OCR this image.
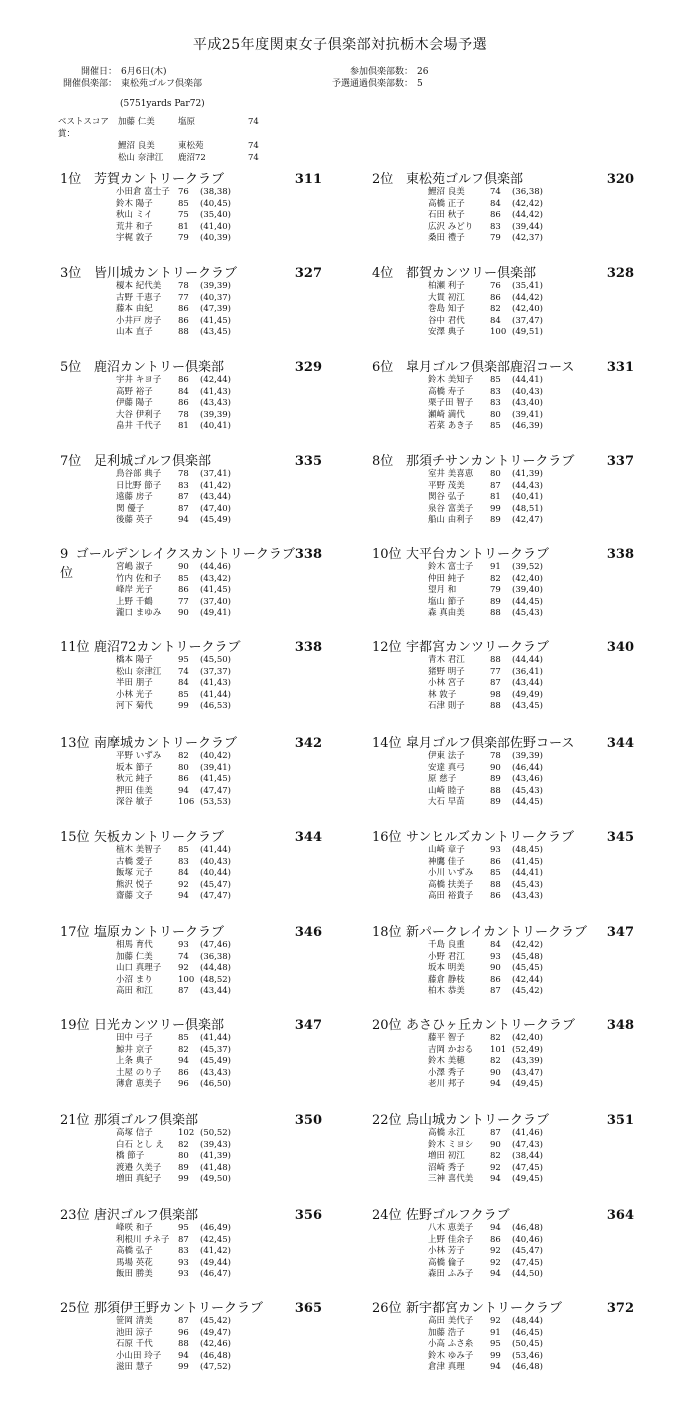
平成25年度関東女子倶楽部対抗栃木会場予選
開催日： 6月6日(木)
開催倶楽部： 東松苑ゴルフ倶楽部
(5751yards Par72)
参加倶楽部数： 26
予選通過倶楽部数： 5
ベストスコア賞：
加藤 仁美	塩原	74
鯉沼 良美	東松苑	74
松山 奈津江	鹿沼72	74
1位 芳賀カントリークラブ	311
小田倉 富士子 76	(38,38)
鈴木 陽子	85	(40,45)
秋山 ミイ	75	(35,40)
荒井 和子	81	(41,40)
宇梶 敦子	79	(40,39)
2位 東松苑ゴルフ倶楽部	320
鯉沼 良美	74	(36,38)
高橋 正子	84	(42,42)
石田 秋子	86	(44,42)
広沢 みどり	83	(39,44)
桑田 禮子	79	(42,37)
3位 皆川城カントリークラブ	327
榎本 紀代美	78	(39,39)
古野 千恵子	77	(40,37)
藤本 由紀	86	(47,39)
小井戸 房子	86	(41,45)
山本 直子	88	(43,45)
4位 都賀カンツリー倶楽部	328
柏瀬 利子	76	(35,41)
大貫 初江	86	(44,42)
巻島 知子	82	(42,40)
谷中 君代	84	(37,47)
安澤 典子	100 (49,51)
5位 鹿沼カントリー倶楽部	329
宇井 キヨ子	86	(42,44)
高野 裕子	84	(41,43)
伊藤 陽子	86	(43,43)
大谷 伊利子	78	(39,39)
畠井 千代子	81	(40,41)
6位 皐月ゴルフ倶楽部鹿沼コース	331
鈴木 美知子	85	(44,41)
高橋 寿子	83	(40,43)
栗子田 智子	83	(43,40)
瀬崎 満代	80	(39,41)
若菜 あき子	85	(46,39)
7位 足利城ゴルフ倶楽部	335
鳥谷部 典子	78	(37,41)
日比野 節子	83	(41,42)
遠藤 房子	87	(43,44)
関 優子	87	(47,40)
後藤 英子	94	(45,49)
8位 那須チサンカントリークラブ	337
室井 美喜恵	80	(41,39)
平野 茂美	87	(44,43)
関谷 弘子	81	(40,41)
泉谷 富美子	99	(48,51)
船山 由利子	89	(42,47)
9位
ゴールデンレイクスカントリークラブ 338
宮嶋 淑子	90	(44,46)
竹内 佐和子	85	(43,42)
峰岸 光子	86	(41,45)
上野 千鶴	77	(37,40)
瀧口 まゆみ	90	(49,41)
10位 大平台カントリークラブ	338
鈴木 富士子	91	(39,52)
仲田 純子	82	(42,40)
望月 和	79	(39,40)
塩山 節子	89	(44,45)
森 真由美	88	(45,43)
11位 鹿沼72カントリークラブ	338
橋本 陽子	95	(45,50)
松山 奈津江	74	(37,37)
半田 朋子	84	(41,43)
小林 光子	85	(41,44)
河下 菊代	99	(46,53)
12位 宇都宮カンツリークラブ	340
青木 君江	88	(44,44)
猪野 明子	77	(36,41)
小林 宮子	87	(43,44)
林 敦子	98	(49,49)
石津 則子	88	(43,45)
13位 南摩城カントリークラブ	342
平野 いずみ	82	(40,42)
坂本 節子	80	(39,41)
秋元 純子	86	(41,45)
押田 佳美	94	(47,47)
深谷 敏子	106 (53,53)
14位 皐月ゴルフ倶楽部佐野コース	344
伊東 法子	78	(39,39)
安達 真弓	90	(46,44)
原 慈子	89	(43,46)
山崎 睦子	88	(45,43)
大石 早苗	89	(44,45)
15位 矢板カントリークラブ	344
植木 美智子	85	(41,44)
古橋 愛子	83	(40,43)
飯塚 元子	84	(40,44)
熊沢 悦子	92	(45,47)
齋藤 文子	94	(47,47)
16位 サンヒルズカントリークラブ	345
山崎 章子	93	(48,45)
神鷹 佳子	86	(41,45)
小川 いずみ	85	(44,41)
高橋 扶美子	88	(45,43)
高田 裕貴子	86	(43,43)
17位 塩原カントリークラブ	346
相馬 育代	93	(47,46)
加藤 仁美	74	(36,38)
山口 真理子	92	(44,48)
小沼 まり	100 (48,52)
高田 和江	87	(43,44)
18位 新パークレイカントリークラブ	347
千島 良重	84	(42,42)
小野 君江	93	(45,48)
坂本 明美	90	(45,45)
藤倉 静枝	86	(42,44)
柏木 恭美	87	(45,42)
19位 日光カンツリー倶楽部	347
田中 弓子	85	(41,44)
鯨井 京子	82	(45,37)
上条 典子	94	(45,49)
土屋 のり子	86	(43,43)
薄倉 恵美子	96	(46,50)
20位 あさひヶ丘カントリークラブ	348
藤平 智子	82	(42,40)
吉岡 かおる	101 (52,49)
鈴木 美穂	82	(43,39)
小澤 秀子	90	(43,47)
老川 邦子	94	(49,45)
21位 那須ゴルフ倶楽部	350
高塚 信子	102 (50,52)
白石 とし え	82	(39,43)
橋 節子	80	(41,39)
渡邉 久美子	89	(41,48)
増田 真紀子	99	(49,50)
22位 烏山城カントリークラブ	351
高橋 永江	87	(41,46)
鈴木 ミヨシ	90	(47,43)
増田 初江	82	(38,44)
沼崎 秀子	92	(47,45)
三神 喜代美	94	(49,45)
23位 唐沢ゴルフ倶楽部	356
峰咲 和子	95	(46,49)
利根川 チネ子	87	(42,45)
高橋 弘子	83	(41,42)
馬場 英花	93	(49,44)
飯田 勝美	93	(46,47)
24位 佐野ゴルフクラブ	364
八木 恵美子	94	(46,48)
上野 佳余子	86	(40,46)
小林 芳子	92	(45,47)
高橋 倫子	92	(47,45)
森田 ふみ子	94	(44,50)
25位 那須伊王野カントリークラブ	365
笹岡 清美	87	(45,42)
池田 涼子	96	(49,47)
石原 千代	88	(42,46)
小山田 玲子	94	(46,48)
滋田 慧子	99	(47,52)
26位 新宇都宮カントリークラブ	372
高田 美代子	92	(48,44)
加藤 浩子	91	(46,45)
小高 ふさ糸	95	(50,45)
鈴木 ゆみ子	99	(53,46)
倉津 真理	94	(46,48)
